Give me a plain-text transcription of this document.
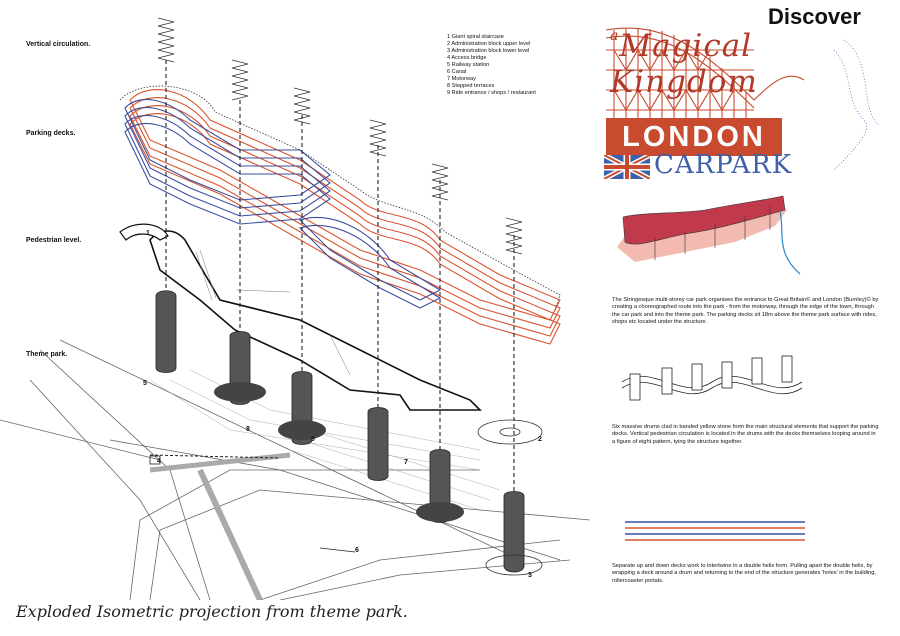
Vertical circulation.
Parking decks.
Pedestrian level.
Theme park.
1 Giant spiral staircase
2 Administration block upper level
3 Administration block lower level
4 Access bridge
5 Railway station
6 Canal
7 Motorway
8 Stepped terraces
9 Ride entrance / shops / restaurant
1
2
3
4
5
6
7
8
9
Exploded Isometric projection from theme park.
Discover
$^a$Magical Kingdom
LONDON
CARPARK
The Stringesque multi-storey car park organises the entrance to Great Britain© and London (Burnley)© by creating a choreographed route into the park - from the motorway, through the edge of the town, through the car park and into the theme park. The parking decks sit 18m above the theme park surface with rides, shops etc located under the structure.
Six massive drums clad in banded yellow stone form the main structural elements that support the parking decks. Vertical pedestrian circulation is located in the drums with the decks themselves looping around in a figure of eight pattern, tying the structure together.
Separate up and down decks work to intertwine in a double helix form. Pulling apart the double helix, by wrapping a deck around a drum and returning to the end of the structure generates 'holes' in the building, rollercoaster portals.
